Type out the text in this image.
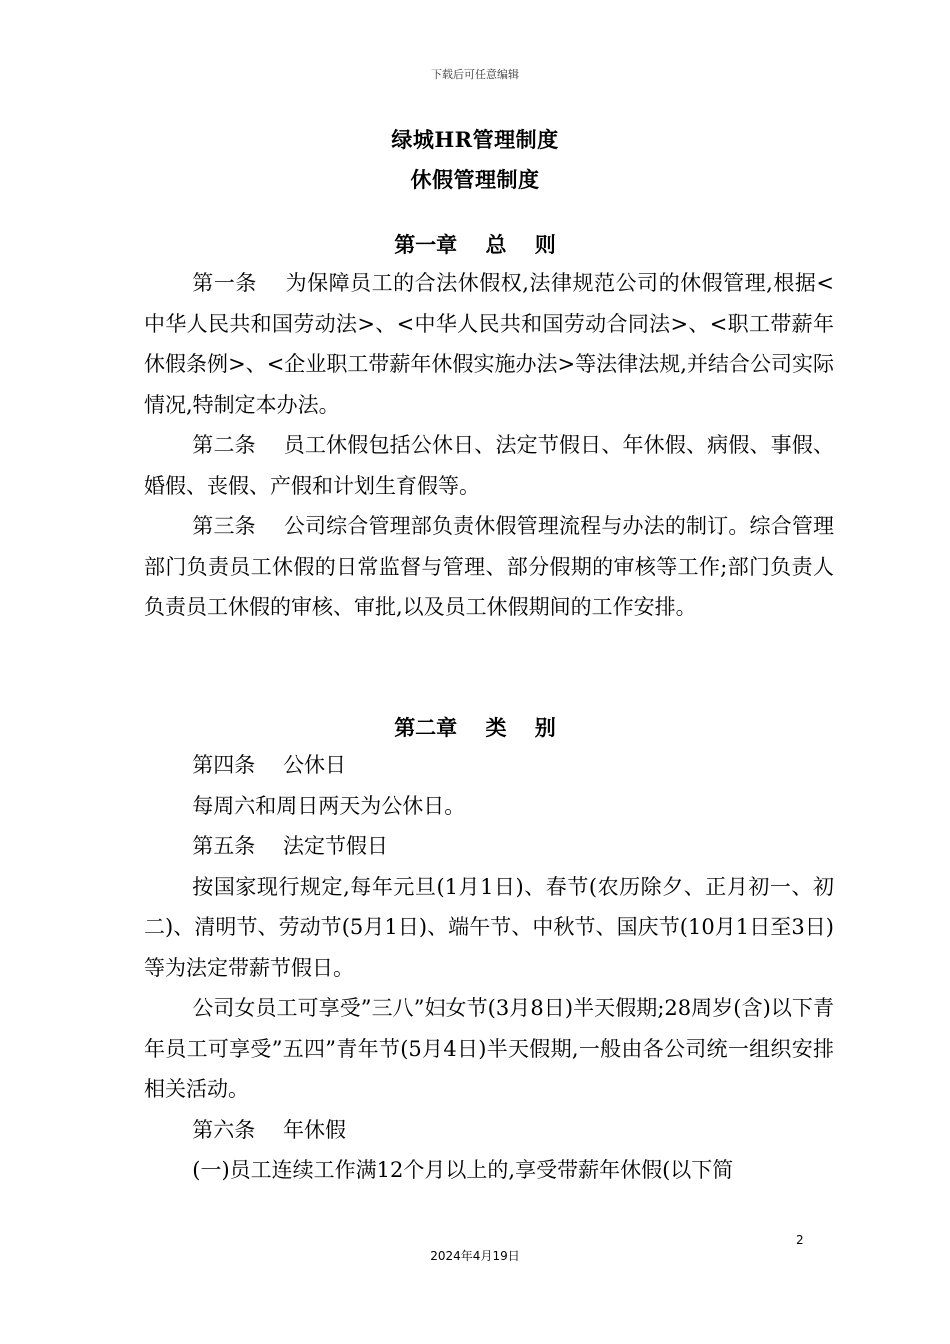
下载后可任意编辑
绿城HR管理制度
休假管理制度
第一章　 总　 则

第一条　 为保障员工的合法休假权,法律规范公司的休假管理,根据<中华人民共和国劳动法>、<中华人民共和国劳动合同法>、<职工带薪年休假条例>、<企业职工带薪年休假实施办法>等法律法规,并结合公司实际情况,特制定本办法。

第二条　 员工休假包括公休日、法定节假日、年休假、病假、事假、婚假、丧假、产假和计划生育假等。

第三条　 公司综合管理部负责休假管理流程与办法的制订。综合管理部门负责员工休假的日常监督与管理、部分假期的审核等工作;部门负责人负责员工休假的审核、审批,以及员工休假期间的工作安排。

第二章　 类　 别

第四条　 公休日

每周六和周日两天为公休日。

第五条　 法定节假日

按国家现行规定,每年元旦(1月1日)、春节(农历除夕、正月初一、初二)、清明节、劳动节(5月1日)、端午节、中秋节、国庆节(10月1日至3日)等为法定带薪节假日。

公司女员工可享受”三八”妇女节(3月8日)半天假期;28周岁(含)以下青年员工可享受”五四”青年节(5月4日)半天假期,一般由各公司统一组织安排相关活动。

第六条　 年休假

(一)员工连续工作满12个月以上的,享受带薪年休假(以下简

2
2024年4月19日
